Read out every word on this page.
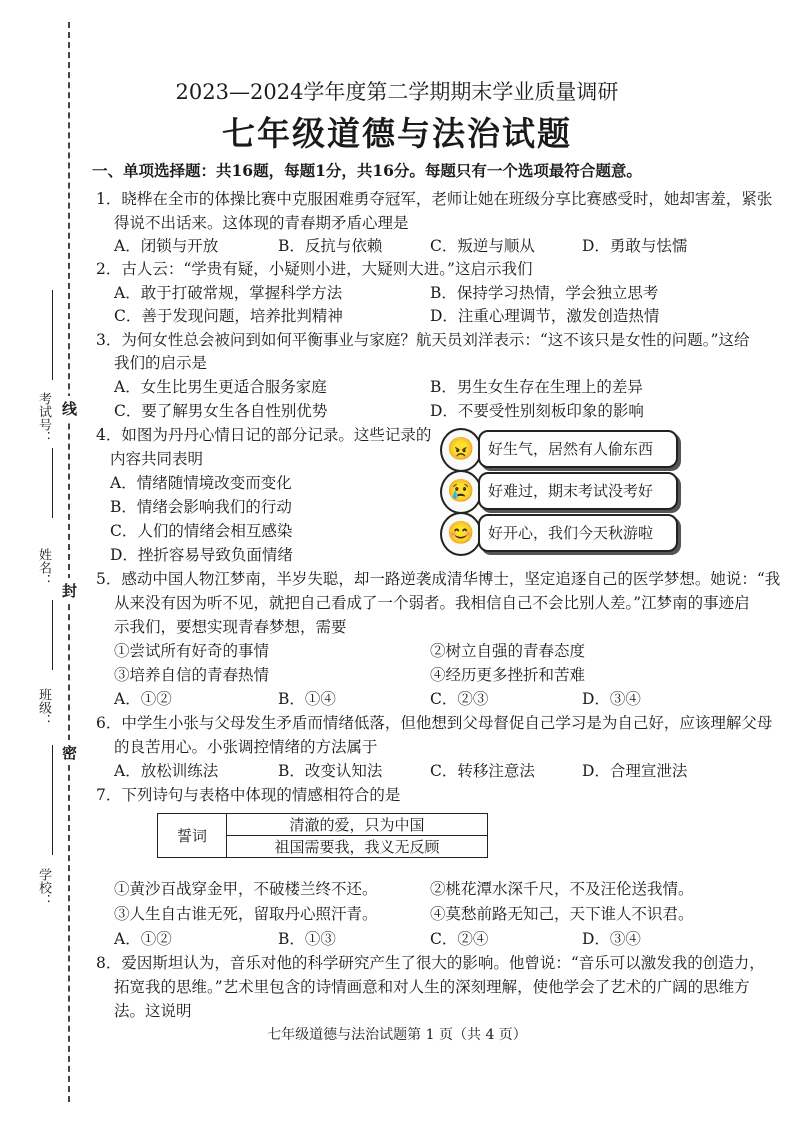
考试号：
姓名：
班级：
学校：
线
封
密
2023—2024学年度第二学期期末学业质量调研
七年级道德与法治试题
一、单项选择题：共16题，每题1分，共16分。每题只有一个选项最符合题意。
1．晓桦在全市的体操比赛中克服困难勇夺冠军，老师让她在班级分享比赛感受时，她却害羞，紧张
得说不出话来。这体现的青春期矛盾心理是
A．闭锁与开放	B．反抗与依赖	C．叛逆与顺从	D．勇敢与怯懦
2．古人云：“学贵有疑，小疑则小进，大疑则大进。”这启示我们
A．敢于打破常规，掌握科学方法	B．保持学习热情，学会独立思考
C．善于发现问题，培养批判精神	D．注重心理调节，激发创造热情
3．为何女性总会被问到如何平衡事业与家庭？航天员刘洋表示：“这不该只是女性的问题。”这给
我们的启示是
A．女生比男生更适合服务家庭	B．男生女生存在生理上的差异
C．要了解男女生各自性别优势	D．不要受性别刻板印象的影响
4．如图为丹丹心情日记的部分记录。这些记录的
内容共同表明
A．情绪随情境改变而变化
B．情绪会影响我们的行动
C．人们的情绪会相互感染
D．挫折容易导致负面情绪
😠 好生气，居然有人偷东西
😢 好难过，期末考试没考好
😊 好开心，我们今天秋游啦
5．感动中国人物江梦南，半岁失聪，却一路逆袭成清华博士，坚定追逐自己的医学梦想。她说：“我
从来没有因为听不见，就把自己看成了一个弱者。我相信自己不会比别人差。”江梦南的事迹启
示我们，要想实现青春梦想，需要
①尝试所有好奇的事情	②树立自强的青春态度
③培养自信的青春热情	④经历更多挫折和苦难
A．①②	B．①④	C．②③	D．③④
6．中学生小张与父母发生矛盾而情绪低落，但他想到父母督促自己学习是为自己好，应该理解父母
的良苦用心。小张调控情绪的方法属于
A．放松训练法	B．改变认知法	C．转移注意法	D．合理宣泄法
7．下列诗句与表格中体现的情感相符合的是
誓词	清澈的爱，只为中国
祖国需要我，我义无反顾
①黄沙百战穿金甲，不破楼兰终不还。	②桃花潭水深千尺，不及汪伦送我情。
③人生自古谁无死，留取丹心照汗青。	④莫愁前路无知己，天下谁人不识君。
A．①②	B．①③	C．②④	D．③④
8．爱因斯坦认为，音乐对他的科学研究产生了很大的影响。他曾说：“音乐可以激发我的创造力，
拓宽我的思维。”艺术里包含的诗情画意和对人生的深刻理解，使他学会了艺术的广阔的思维方
法。这说明
七年级道德与法治试题第 1 页（共 4 页）
